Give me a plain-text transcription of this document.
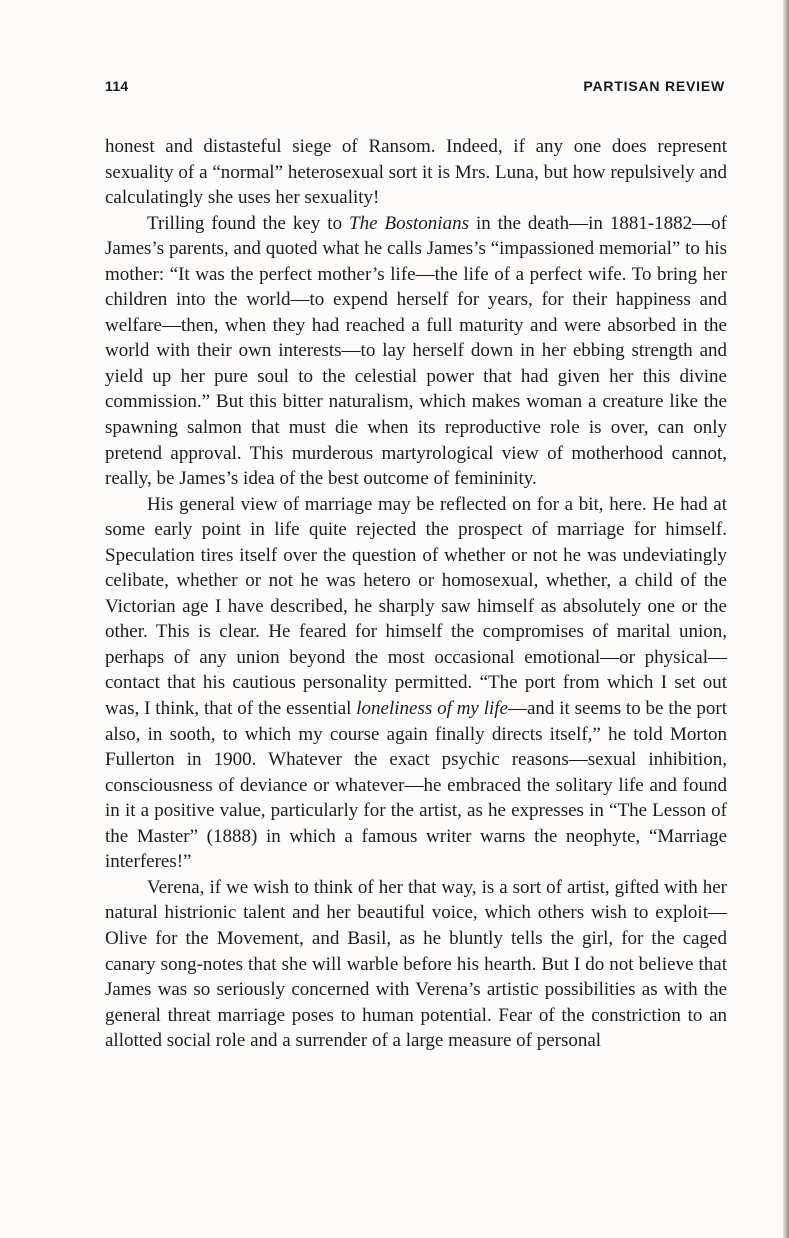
114	PARTISAN REVIEW

honest and distasteful siege of Ransom. Indeed, if any one does represent sexuality of a “normal” heterosexual sort it is Mrs. Luna, but how repulsively and calculatingly she uses her sexuality!

Trilling found the key to The Bostonians in the death—in 1881-1882—of James’s parents, and quoted what he calls James’s “impassioned memorial” to his mother: “It was the perfect mother’s life—the life of a perfect wife. To bring her children into the world—to expend herself for years, for their happiness and welfare—then, when they had reached a full maturity and were absorbed in the world with their own interests—to lay herself down in her ebbing strength and yield up her pure soul to the celestial power that had given her this divine commission.” But this bitter naturalism, which makes woman a creature like the spawning salmon that must die when its reproductive role is over, can only pretend approval. This murderous martyrological view of motherhood cannot, really, be James’s idea of the best outcome of femininity.

His general view of marriage may be reflected on for a bit, here. He had at some early point in life quite rejected the prospect of marriage for himself. Speculation tires itself over the question of whether or not he was undeviatingly celibate, whether or not he was hetero or homosexual, whether, a child of the Victorian age I have described, he sharply saw himself as absolutely one or the other. This is clear. He feared for himself the compromises of marital union, perhaps of any union beyond the most occasional emotional—or physical—contact that his cautious personality permitted. “The port from which I set out was, I think, that of the essential loneliness of my life—and it seems to be the port also, in sooth, to which my course again finally directs itself,” he told Morton Fullerton in 1900. Whatever the exact psychic reasons—sexual inhibition, consciousness of deviance or whatever—he embraced the solitary life and found in it a positive value, particularly for the artist, as he expresses in “The Lesson of the Master” (1888) in which a famous writer warns the neophyte, “Marriage interferes!”

Verena, if we wish to think of her that way, is a sort of artist, gifted with her natural histrionic talent and her beautiful voice, which others wish to exploit—Olive for the Movement, and Basil, as he bluntly tells the girl, for the caged canary song-notes that she will warble before his hearth. But I do not believe that James was so seriously concerned with Verena’s artistic possibilities as with the general threat marriage poses to human potential. Fear of the constriction to an allotted social role and a surrender of a large measure of personal
